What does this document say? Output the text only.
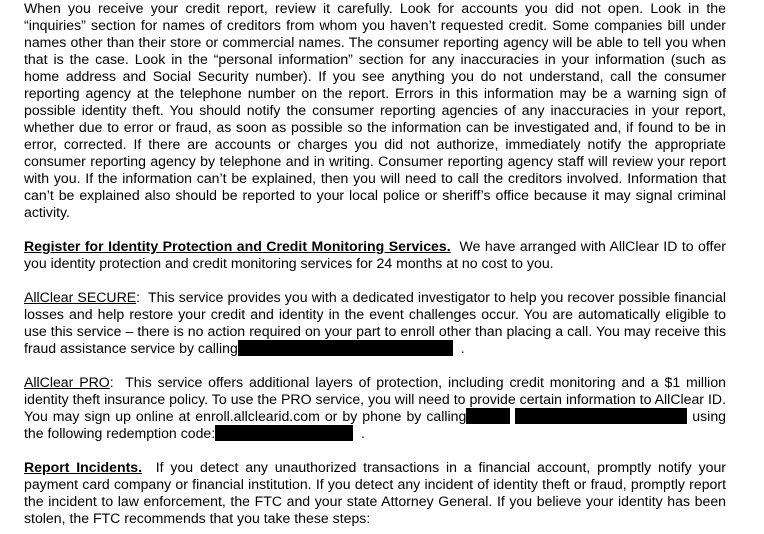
When you receive your credit report, review it carefully. Look for accounts you did not open. Look in the “inquiries” section for names of creditors from whom you haven’t requested credit. Some companies bill under names other than their store or commercial names. The consumer reporting agency will be able to tell you when that is the case. Look in the “personal information” section for any inaccuracies in your information (such as home address and Social Security number). If you see anything you do not understand, call the consumer reporting agency at the telephone number on the report. Errors in this information may be a warning sign of possible identity theft. You should notify the consumer reporting agencies of any inaccuracies in your report, whether due to error or fraud, as soon as possible so the information can be investigated and, if found to be in error, corrected. If there are accounts or charges you did not authorize, immediately notify the appropriate consumer reporting agency by telephone and in writing. Consumer reporting agency staff will review your report with you. If the information can’t be explained, then you will need to call the creditors involved. Information that can’t be explained also should be reported to your local police or sheriff’s office because it may signal criminal activity.

Register for Identity Protection and Credit Monitoring Services. We have arranged with AllClear ID to offer you identity protection and credit monitoring services for 24 months at no cost to you.

AllClear SECURE: This service provides you with a dedicated investigator to help you recover possible financial losses and help restore your credit and identity in the event challenges occur. You are automatically eligible to use this service – there is no action required on your part to enroll other than placing a call. You may receive this fraud assistance service by calling	.

AllClear PRO: This service offers additional layers of protection, including credit monitoring and a $1 million identity theft insurance policy. To use the PRO service, you will need to provide certain information to AllClear ID. You may sign up online at enroll.allclearid.com or by phone by calling	using the following redemption code:	.

Report Incidents. If you detect any unauthorized transactions in a financial account, promptly notify your payment card company or financial institution. If you detect any incident of identity theft or fraud, promptly report the incident to law enforcement, the FTC and your state Attorney General. If you believe your identity has been stolen, the FTC recommends that you take these steps:
